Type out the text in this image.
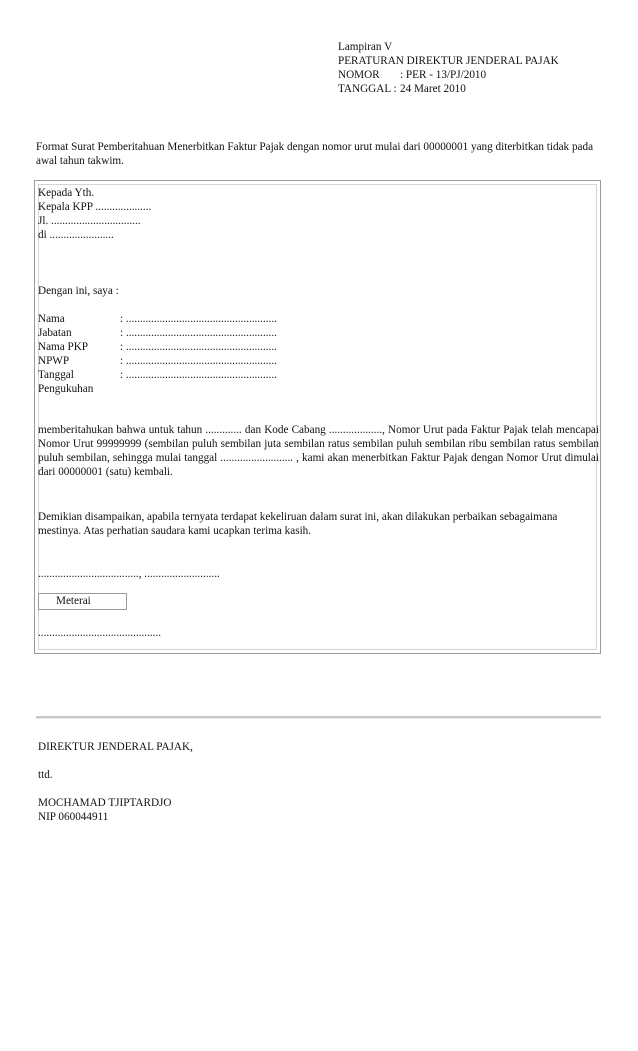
Lampiran V
PERATURAN DIREKTUR JENDERAL PAJAK
NOMOR : PER - 13/PJ/2010
TANGGAL : 24 Maret 2010
Format Surat Pemberitahuan Menerbitkan Faktur Pajak dengan nomor urut mulai dari 00000001 yang diterbitkan tidak pada awal tahun takwim.
Kepada Yth.
Kepala KPP ....................
Jl. ................................
di .......................
Dengan ini, saya :
Nama	: ......................................................
Jabatan	: ......................................................
Nama PKP	: ......................................................
NPWP	: ......................................................
Tanggal	: ......................................................
Pengukuhan
memberitahukan bahwa untuk tahun ............. dan Kode Cabang ..................., Nomor Urut pada Faktur Pajak telah mencapai Nomor Urut 99999999 (sembilan puluh sembilan juta sembilan ratus sembilan puluh sembilan ribu sembilan ratus sembilan puluh sembilan, sehingga mulai tanggal .......................... , kami akan menerbitkan Faktur Pajak dengan Nomor Urut dimulai dari 00000001 (satu) kembali.
Demikian disampaikan, apabila ternyata terdapat kekeliruan dalam surat ini, akan dilakukan perbaikan sebagaimana mestinya. Atas perhatian saudara kami ucapkan terima kasih.
...................................., ...........................
Meterai
............................................
DIREKTUR JENDERAL PAJAK,
ttd.
MOCHAMAD TJIPTARDJO
NIP 060044911
